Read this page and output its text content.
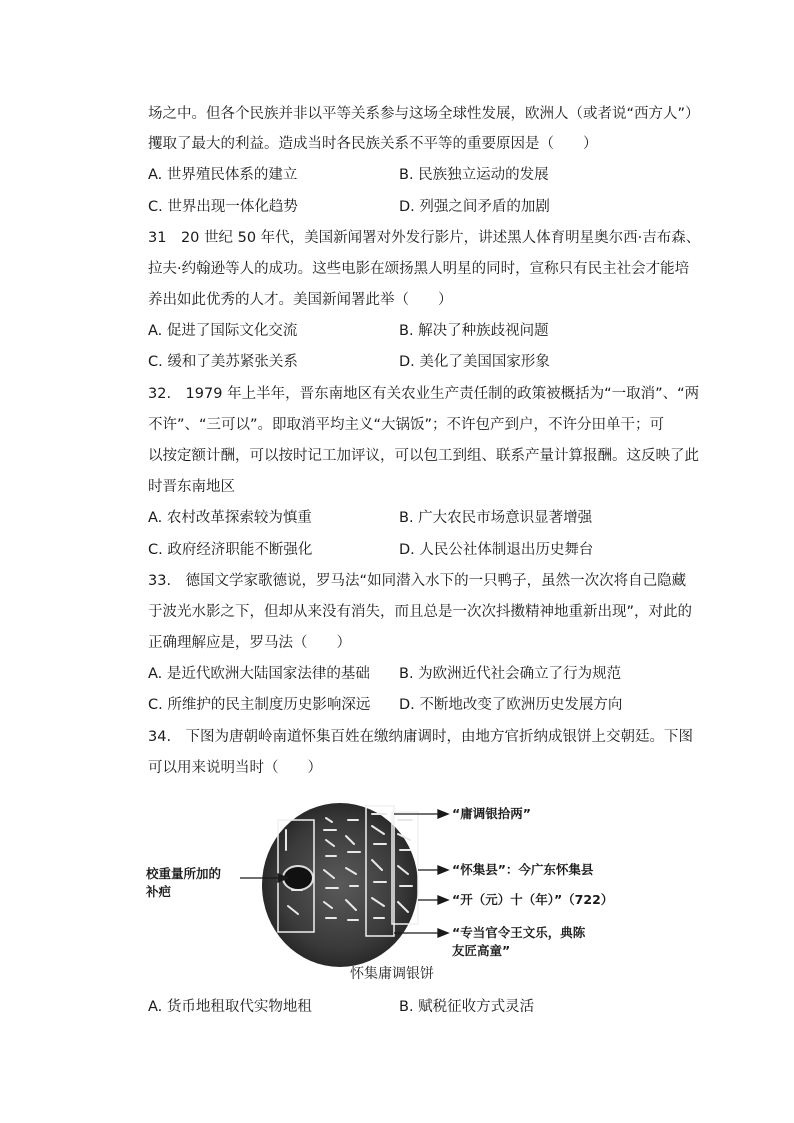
场之中。但各个民族并非以平等关系参与这场全球性发展，欧洲人（或者说“西方人”）
攫取了最大的利益。造成当时各民族关系不平等的重要原因是（　　）
A. 世界殖民体系的建立	B. 民族独立运动的发展
C. 世界出现一体化趋势	D. 列强之间矛盾的加剧
31　20 世纪 50 年代，美国新闻署对外发行影片，讲述黑人体育明星奥尔西·吉布森、
拉夫·约翰逊等人的成功。这些电影在颂扬黑人明星的同时，宣称只有民主社会才能培
养出如此优秀的人才。美国新闻署此举（　　）
A. 促进了国际文化交流	B. 解决了种族歧视问题
C. 缓和了美苏紧张关系	D. 美化了美国国家形象
32.　1979 年上半年，晋东南地区有关农业生产责任制的政策被概括为“一取消”、“两
不许”、“三可以”。即取消平均主义“大锅饭”；不许包产到户，不许分田单干；可
以按定额计酬，可以按时记工加评议，可以包工到组、联系产量计算报酬。这反映了此
时晋东南地区
A. 农村改革探索较为慎重	B. 广大农民市场意识显著增强
C. 政府经济职能不断强化	D. 人民公社体制退出历史舞台
33.　德国文学家歌德说，罗马法“如同潜入水下的一只鸭子，虽然一次次将自己隐藏
于波光水影之下，但却从来没有消失，而且总是一次次抖擞精神地重新出现”，对此的
正确理解应是，罗马法（　　）
A. 是近代欧洲大陆国家法律的基础 B. 为欧洲近代社会确立了行为规范
C. 所维护的民主制度历史影响深远 D. 不断地改变了欧洲历史发展方向
34.　下图为唐朝岭南道怀集百姓在缴纳庸调时，由地方官折纳成银饼上交朝廷。下图
可以用来说明当时（　　）
校重量所加的
补疤
“庸调银拾两”
“怀集县”：今广东怀集县
“开（元）十（年）”（722）
“专当官令王文乐，典陈
友匠高童”
怀集庸调银饼
A. 货币地租取代实物地租	B. 赋税征收方式灵活
